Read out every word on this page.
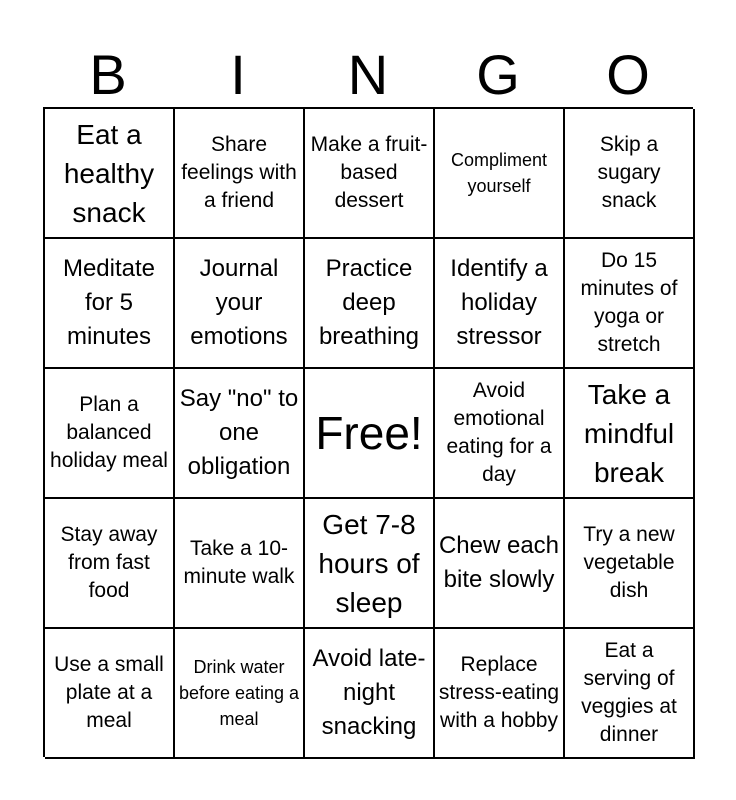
B	I	N	G	O
Eat a healthy snack
Share feelings with a friend
Make a fruit-based dessert
Compliment yourself
Skip a sugary snack
Meditate for 5 minutes
Journal your emotions
Practice deep breathing
Identify a holiday stressor
Do 15 minutes of yoga or stretch
Plan a balanced holiday meal
Say "no" to one obligation
Free!
Avoid emotional eating for a day
Take a mindful break
Stay away from fast food
Take a 10-minute walk
Get 7-8 hours of sleep
Chew each bite slowly
Try a new vegetable dish
Use a small plate at a meal
Drink water before eating a meal
Avoid late-night snacking
Replace stress-eating with a hobby
Eat a serving of veggies at dinner
